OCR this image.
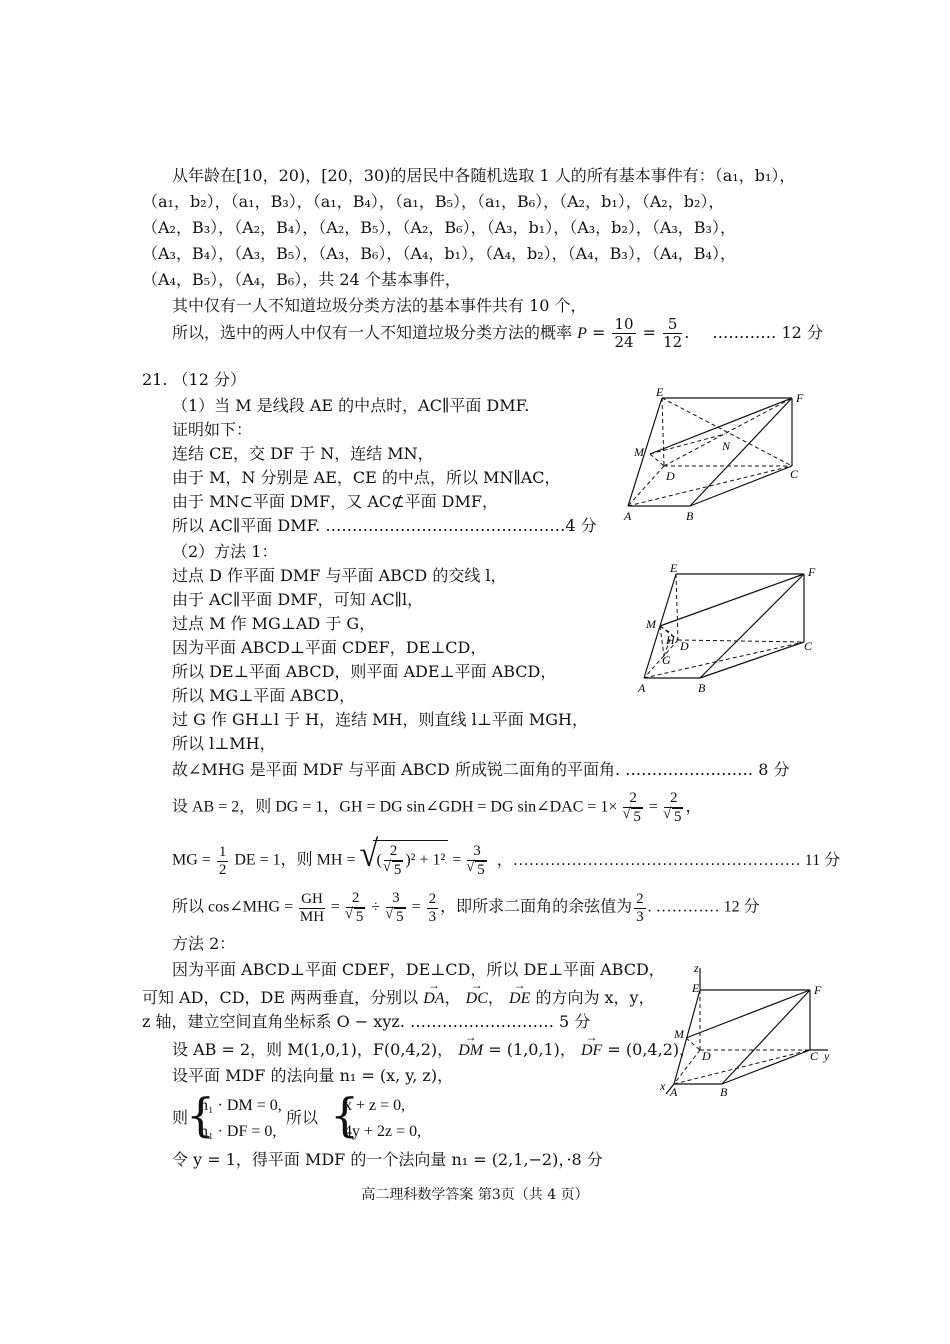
从年龄在[10，20)，[20，30)的居民中各随机选取 1 人的所有基本事件有：（a₁，b₁），
（a₁，b₂），（a₁，B₃），（a₁，B₄），（a₁，B₅），（a₁，B₆），（A₂，b₁），（A₂，b₂），
（A₂，B₃），（A₂，B₄），（A₂，B₅），（A₂，B₆），（A₃，b₁），（A₃，b₂），（A₃，B₃），
（A₃，B₄），（A₃，B₅），（A₃，B₆），（A₄，b₁），（A₄，b₂），（A₄，B₃），（A₄，B₄），
（A₄，B₅），（A₄，B₆），共 24 个基本事件，
其中仅有一人不知道垃圾分类方法的基本事件共有 10 个，
所以，选中的两人中仅有一人不知道垃圾分类方法的概率 $P = \frac{10}{24} = \frac{5}{12}$ . ………… 12 分
21. （12 分）
（1）当 M 是线段 AE 的中点时，AC∥平面 DMF.
证明如下：
连结 CE，交 DF 于 N，连结 MN，
由于 M，N 分别是 AE，CE 的中点，所以 MN∥AC，
由于 MN⊂平面 DMF，又 AC⊄平面 DMF，
所以 AC∥平面 DMF. ………………………………………4 分
（2）方法 1：
过点 D 作平面 DMF 与平面 ABCD 的交线 l，
由于 AC∥平面 DMF，可知 AC∥l，
过点 M 作 MG⊥AD 于 G，
因为平面 ABCD⊥平面 CDEF，DE⊥CD，
所以 DE⊥平面 ABCD，则平面 ADE⊥平面 ABCD，
所以 MG⊥平面 ABCD，
过 G 作 GH⊥l 于 H，连结 MH，则直线 l⊥平面 MGH，
所以 l⊥MH，
故∠MHG 是平面 MDF 与平面 ABCD 所成锐二面角的平面角. …………………… 8 分
设 AB = 2，则 DG = 1，GH = DG sin∠GDH = DG sin∠DAC = 1× 2
√ 5 = 2
√ 5 ，
MG = $\frac{1}{2}$ DE = 1，则 MH = √ ( 2
√ 5 )² + 1² = 3
√ 5 ，……………………………………………… 11 分
所以 cos∠MHG = $\frac{GH}{MH} = 2$
√ 5 ÷ 3
√ $5 = \frac{2}{3}$ ，即所求二面角的余弦值为 $\frac{2}{3}$ . ………… 12 分
方法 2：
因为平面 ABCD⊥平面 CDEF，DE⊥CD，所以 DE⊥平面 ABCD，
可知 AD，CD，DE 两两垂直，分别以 → DA， → DC， → DE 的方向为 x，y，
z 轴，建立空间直角坐标系 O − xyz. ……………………… 5 分
设 AB = 2，则 M(1,0,1)，F(0,4,2)， → DM = (1,0,1)， → DF = (0,4,2)，
设平面 MDF 的法向量 n₁ = (x, y, z)，
则
{
n₁ · DM = 0,
n₁ · DF = 0,
所以 {
x + z = 0,
4y + 2z = 0,
令 y = 1，得平面 MDF 的一个法向量 n₁ = (2,1,−2)，·8 分
E	F
M	N
D	C
A	B
E	F
M
H D
G
C
A	B
z
E	F
M
D	C y
x A	B
高二理科数学答案 第3页（共 4 页）
